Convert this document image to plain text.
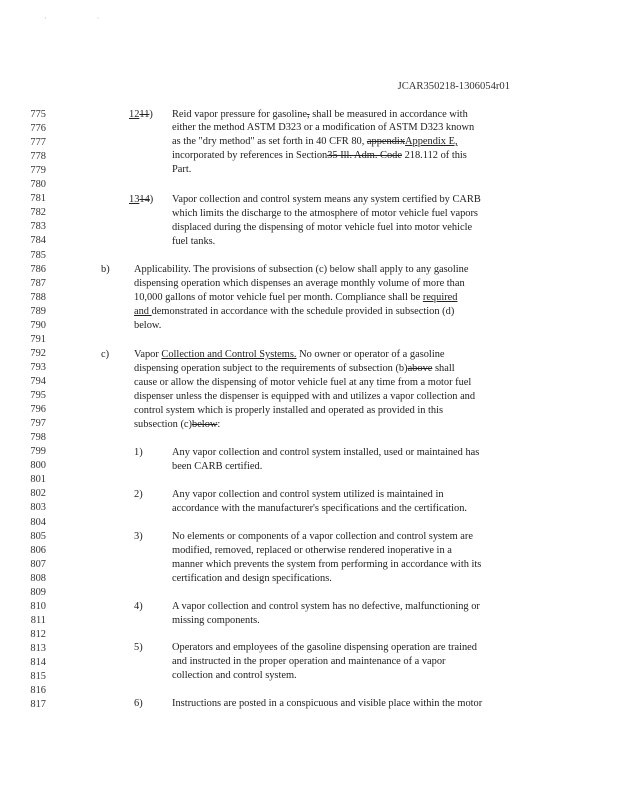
· ·
JCAR350218-1306054r01
775
776
777
778
779
780
781
782
783
784
785
786
787
788
789
790
791
792
793
794
795
796
797
798
799
800
801
802
803
804
805
806
807
808
809
810
811
812
813
814
815
816
817
1211) Reid vapor pressure for gasoline, shall be measured in accordance with
either the method ASTM D323 or a modification of ASTM D323 known
as the "dry method" as set forth in 40 CFR 80, appendixAppendix E,
incorporated by references in Section35 Ill. Adm. Code 218.112 of this
Part.
1314) Vapor collection and control system means any system certified by CARB
which limits the discharge to the atmosphere of motor vehicle fuel vapors
displaced during the dispensing of motor vehicle fuel into motor vehicle
fuel tanks.
b) Applicability. The provisions of subsection (c) below shall apply to any gasoline
dispensing operation which dispenses an average monthly volume of more than
10,000 gallons of motor vehicle fuel per month. Compliance shall be required
and demonstrated in accordance with the schedule provided in subsection (d)
below.
c) Vapor Collection and Control Systems. No owner or operator of a gasoline
dispensing operation subject to the requirements of subsection (b)above shall
cause or allow the dispensing of motor vehicle fuel at any time from a motor fuel
dispenser unless the dispenser is equipped with and utilizes a vapor collection and
control system which is properly installed and operated as provided in this
subsection (c)below:
1)	Any vapor collection and control system installed, used or maintained has
been CARB certified.
2)	Any vapor collection and control system utilized is maintained in
accordance with the manufacturer's specifications and the certification.
3)	No elements or components of a vapor collection and control system are
modified, removed, replaced or otherwise rendered inoperative in a
manner which prevents the system from performing in accordance with its
certification and design specifications.
4)	A vapor collection and control system has no defective, malfunctioning or
missing components.
5)	Operators and employees of the gasoline dispensing operation are trained
and instructed in the proper operation and maintenance of a vapor
collection and control system.
6)	Instructions are posted in a conspicuous and visible place within the motor
